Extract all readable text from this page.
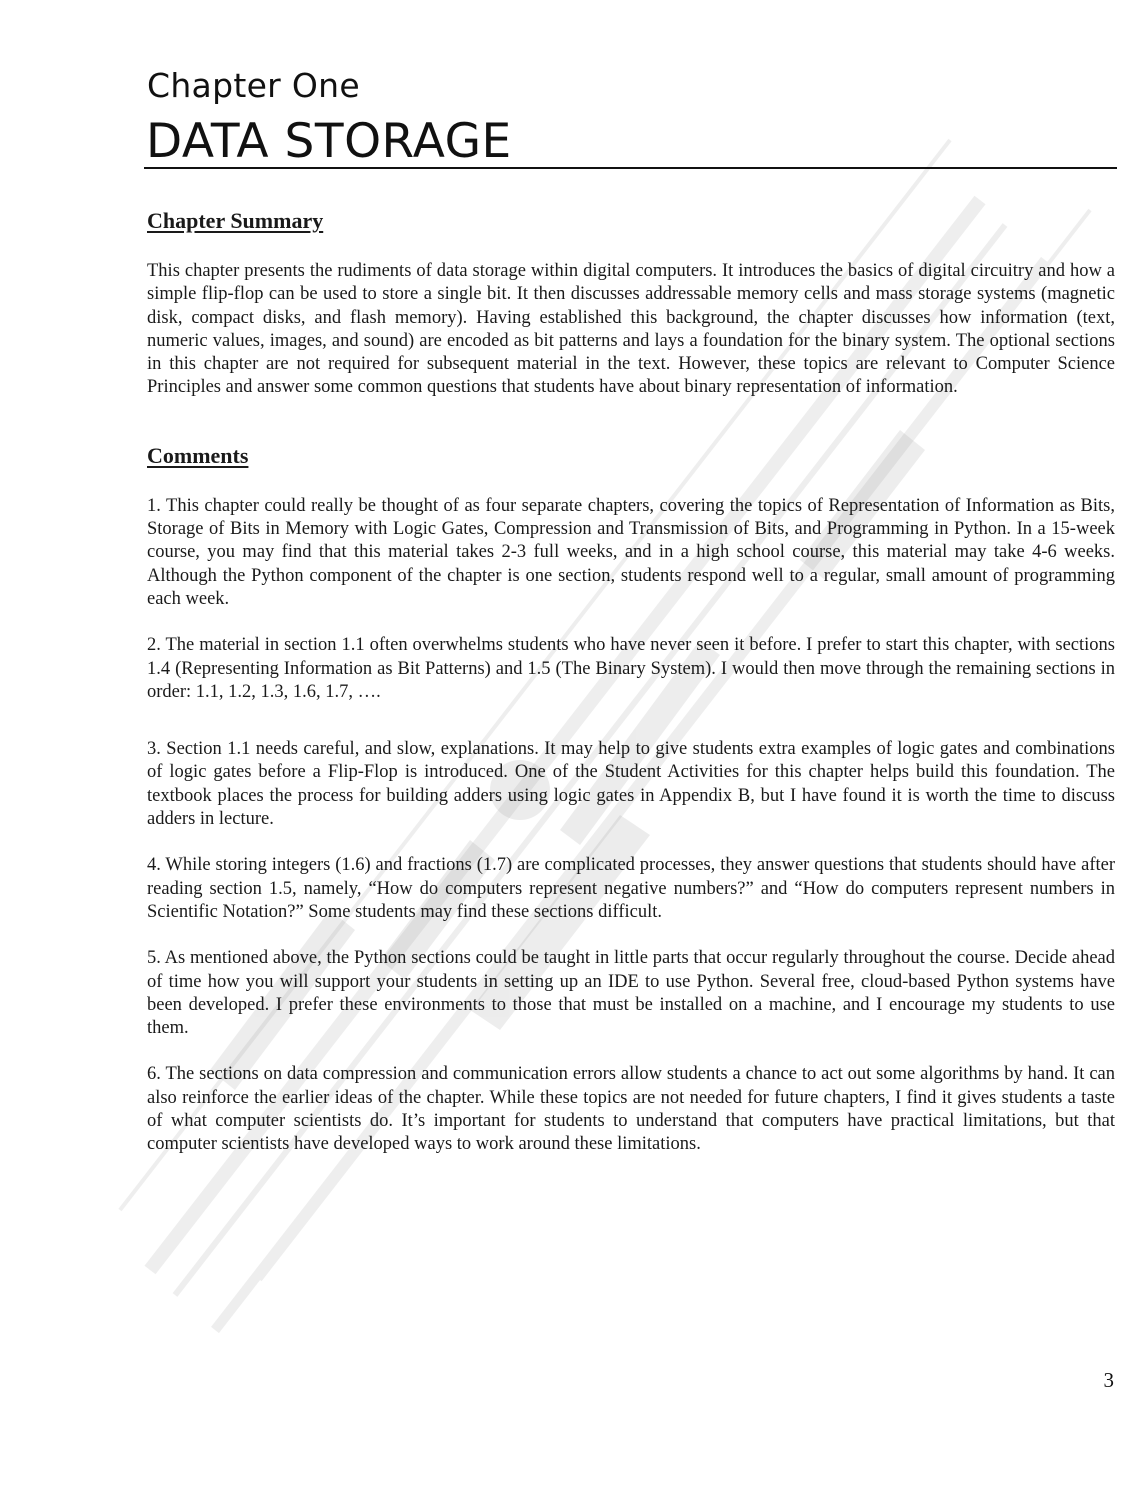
Chapter One
DATA STORAGE
Chapter Summary

This chapter presents the rudiments of data storage within digital computers. It introduces the basics of digital circuitry and how a simple flip-flop can be used to store a single bit. It then discusses addressable memory cells and mass storage systems (magnetic disk, compact disks, and flash memory). Having established this background, the chapter discusses how information (text, numeric values, images, and sound) are encoded as bit patterns and lays a foundation for the binary system. The optional sections in this chapter are not required for subsequent material in the text. However, these topics are relevant to Computer Science Principles and answer some common questions that students have about binary representation of information.

Comments

1. This chapter could really be thought of as four separate chapters, covering the topics of Representation of Information as Bits, Storage of Bits in Memory with Logic Gates, Compression and Transmission of Bits, and Programming in Python. In a 15-week course, you may find that this material takes 2-3 full weeks, and in a high school course, this material may take 4-6 weeks. Although the Python component of the chapter is one section, students respond well to a regular, small amount of programming each week.

2. The material in section 1.1 often overwhelms students who have never seen it before. I prefer to start this chapter, with sections 1.4 (Representing Information as Bit Patterns) and 1.5 (The Binary System). I would then move through the remaining sections in order: 1.1, 1.2, 1.3, 1.6, 1.7, ….

3. Section 1.1 needs careful, and slow, explanations. It may help to give students extra examples of logic gates and combinations of logic gates before a Flip-Flop is introduced. One of the Student Activities for this chapter helps build this foundation. The textbook places the process for building adders using logic gates in Appendix B, but I have found it is worth the time to discuss adders in lecture.

4. While storing integers (1.6) and fractions (1.7) are complicated processes, they answer questions that students should have after reading section 1.5, namely, “How do computers represent negative numbers?” and “How do computers represent numbers in Scientific Notation?” Some students may find these sections difficult.

5. As mentioned above, the Python sections could be taught in little parts that occur regularly throughout the course. Decide ahead of time how you will support your students in setting up an IDE to use Python. Several free, cloud-based Python systems have been developed. I prefer these environments to those that must be installed on a machine, and I encourage my students to use them.

6. The sections on data compression and communication errors allow students a chance to act out some algorithms by hand. It can also reinforce the earlier ideas of the chapter. While these topics are not needed for future chapters, I find it gives students a taste of what computer scientists do. It’s important for students to understand that computers have practical limitations, but that computer scientists have developed ways to work around these limitations.

3
